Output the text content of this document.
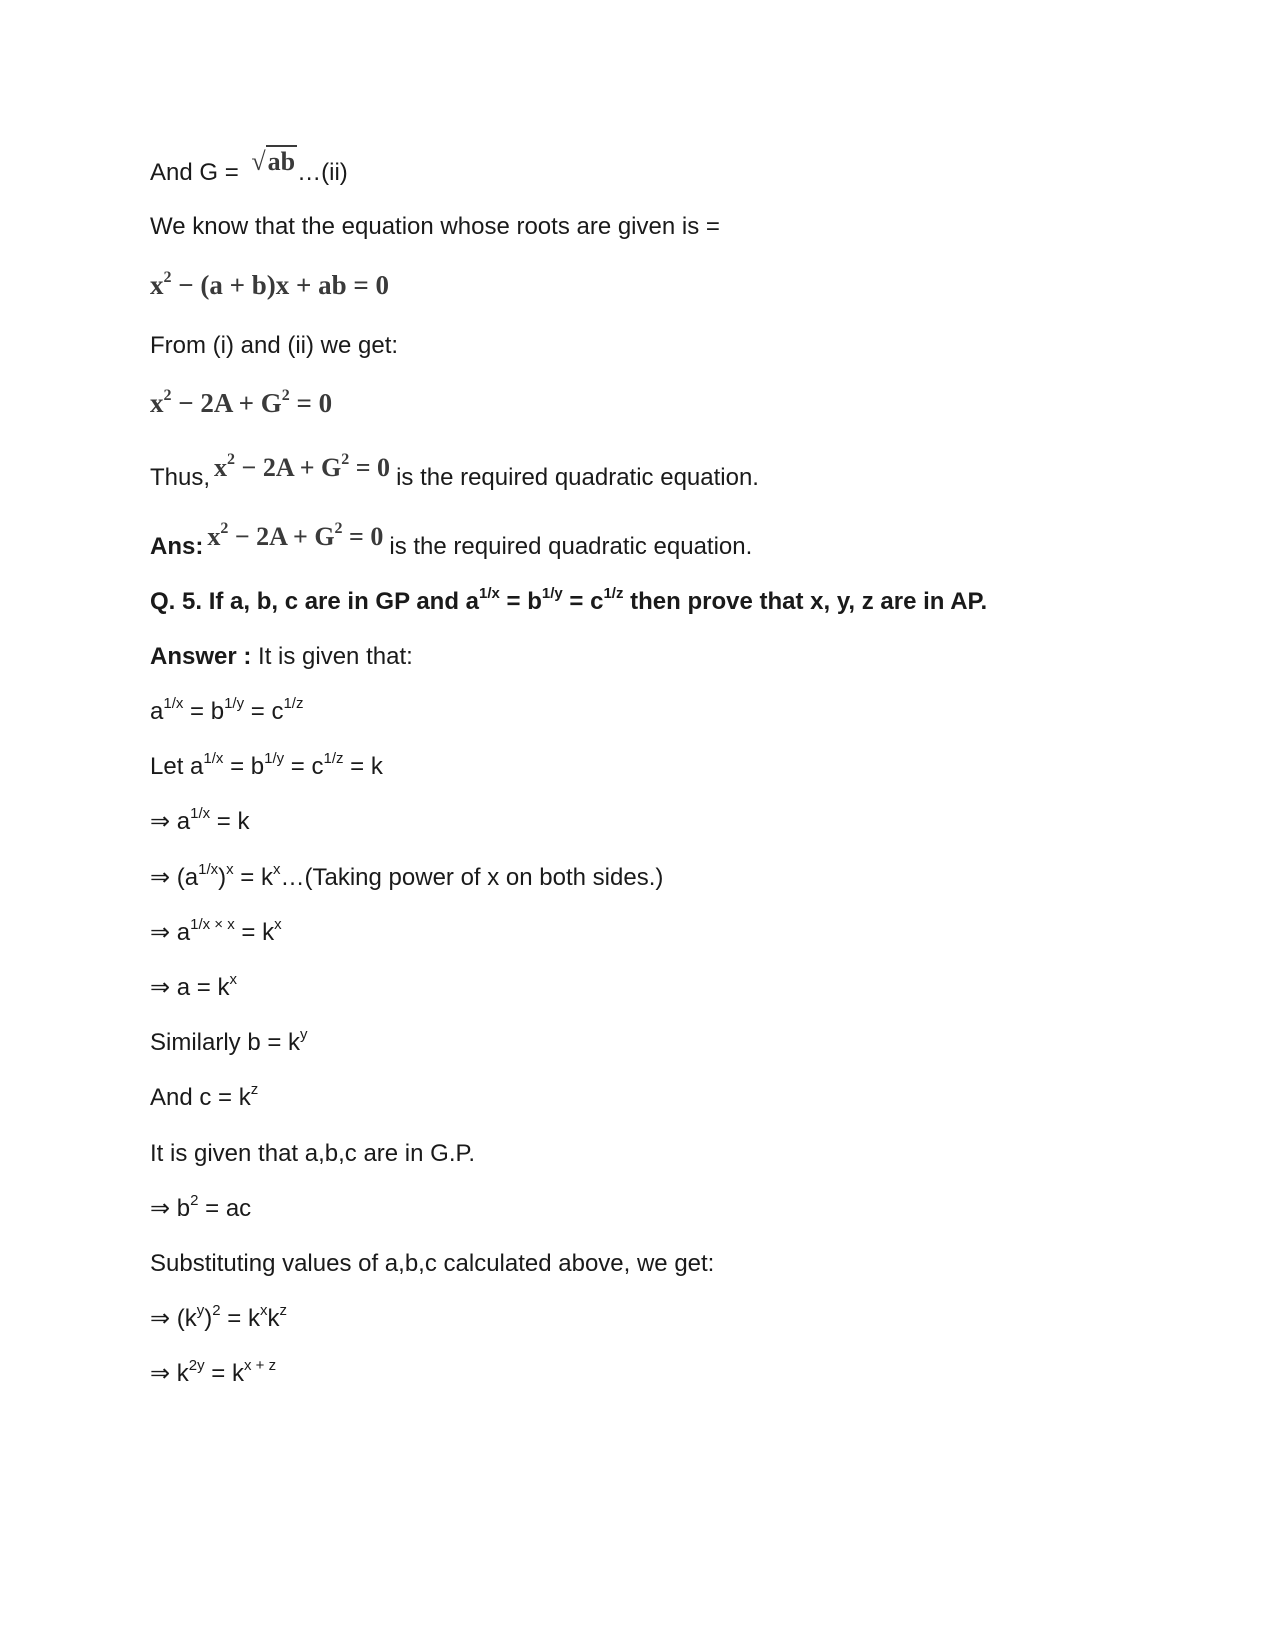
And G = √ab…(ii)
We know that the equation whose roots are given is =
$x^2 - (a + b)x$ + ab = 0
From (i) and (ii) we get:
$x^2 - 2A + G^2 = 0$
Thus, $x^2 - 2A + G^2 = 0$ is the required quadratic equation.
Ans: $x^2 - 2A + G^2 = 0$ is the required quadratic equation.
Q. 5. If a, b, c are in GP and $a^{1/x} = b^{1/y} = c^{1/z}$ then prove that x, y, z are in AP.
Answer : It is given that:
$a^{1/x} = b^{1/y} = c^{1/z}$
Let $a^{1/x} = b^{1/y} = c^{1/z} = k$
⇒ $a^{1/x} = k$
⇒ $(a^{1/x})^x$ = $k^x\dots(Taking$ power of x on both sides.)
⇒ $a^{1/x \times x} = k^x$
⇒ $a = k^x$
Similarly $b = k^y$
And $c = k^z$
It is given that a,b,c are in G.P.
⇒ $b^2$ = ac
Substituting values of a,b,c calculated above, we get:
⇒ $(k^y)^2 = k^xk^z$
⇒ $k^{2y} = k^{x + z}$
